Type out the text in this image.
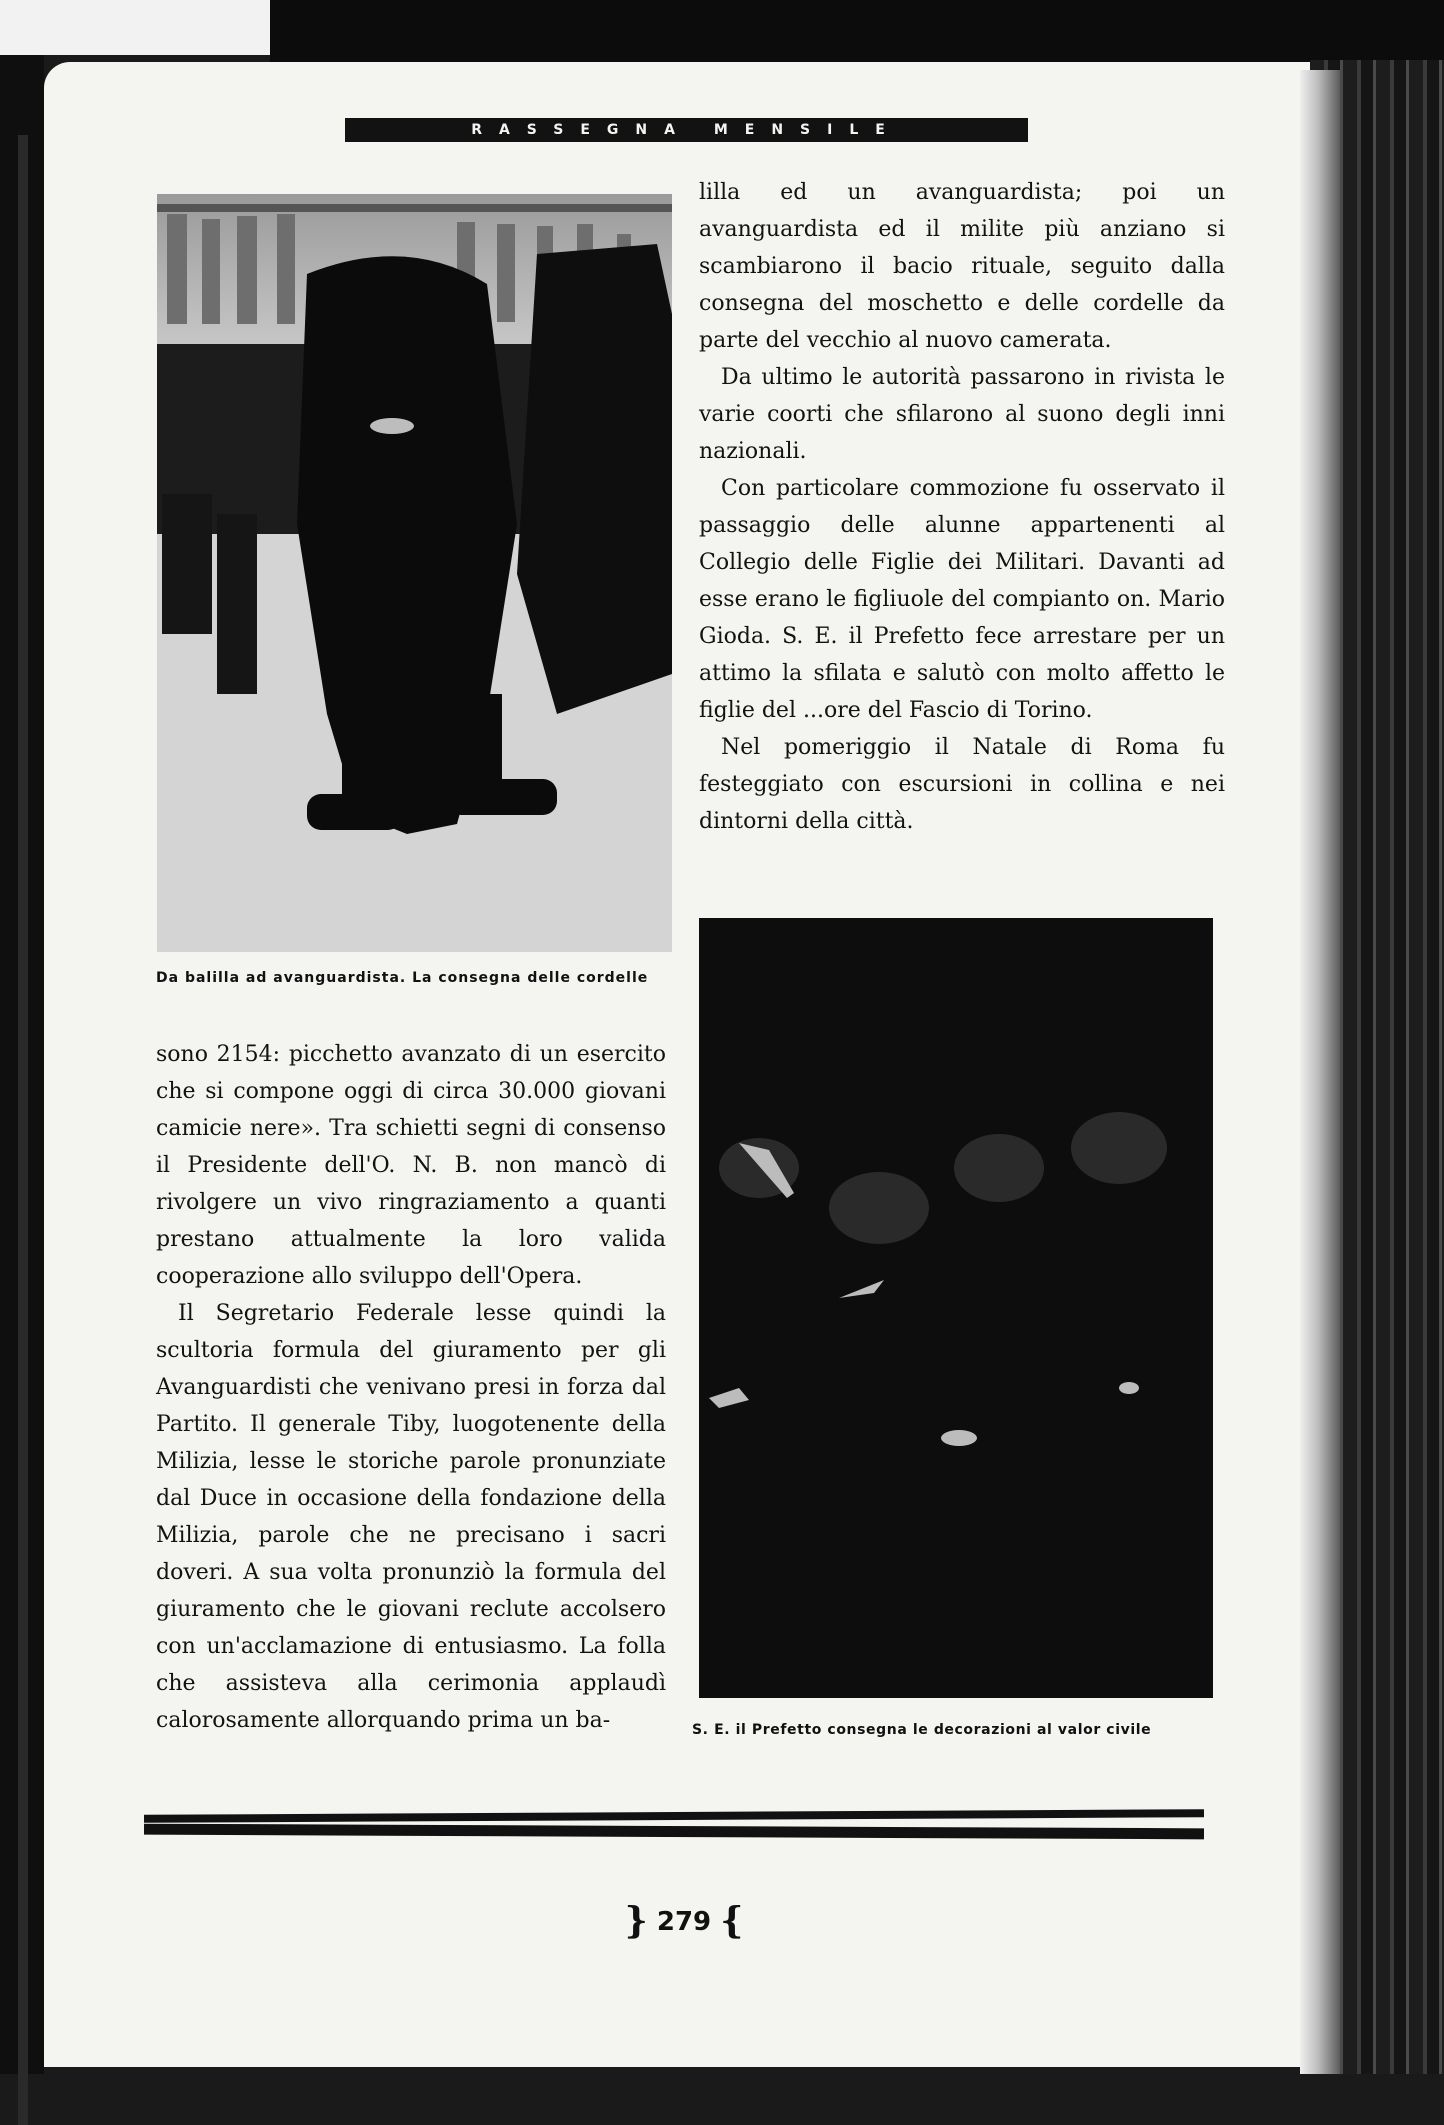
RASSEGNA MENSILE
Da balilla ad avanguardista. La consegna delle cordelle

lilla ed un avanguardista; poi un avanguardista ed il milite più anziano si scambiarono il bacio rituale, seguito dalla consegna del moschetto e delle cordelle da parte del vecchio al nuovo camerata.

Da ultimo le autorità passarono in rivista le varie coorti che sfilarono al suono degli inni nazionali.

Con particolare commozione fu osservato il passaggio delle alunne appartenenti al Collegio delle Figlie dei Militari. Davanti ad esse erano le figliuole del compianto on. Mario Gioda. S. E. il Prefetto fece arrestare per un attimo la sfilata e salutò con molto affetto le figlie del ...ore del Fascio di Torino.

Nel pomeriggio il Natale di Roma fu festeggiato con escursioni in collina e nei dintorni della città.

S. E. il Prefetto consegna le decorazioni al valor civile

sono 2154: picchetto avanzato di un esercito che si compone oggi di circa 30.000 giovani camicie nere». Tra schietti segni di consenso il Presidente dell'O. N. B. non mancò di rivolgere un vivo ringraziamento a quanti prestano attualmente la loro valida cooperazione allo sviluppo dell'Opera.

Il Segretario Federale lesse quindi la scultoria formula del giuramento per gli Avanguardisti che venivano presi in forza dal Partito. Il generale Tiby, luogotenente della Milizia, lesse le storiche parole pronunziate dal Duce in occasione della fondazione della Milizia, parole che ne precisano i sacri doveri. A sua volta pronunziò la formula del giuramento che le giovani reclute accolsero con un'acclamazione di entusiasmo. La folla che assisteva alla cerimonia applaudì calorosamente allorquando prima un ba-

} 279 {
